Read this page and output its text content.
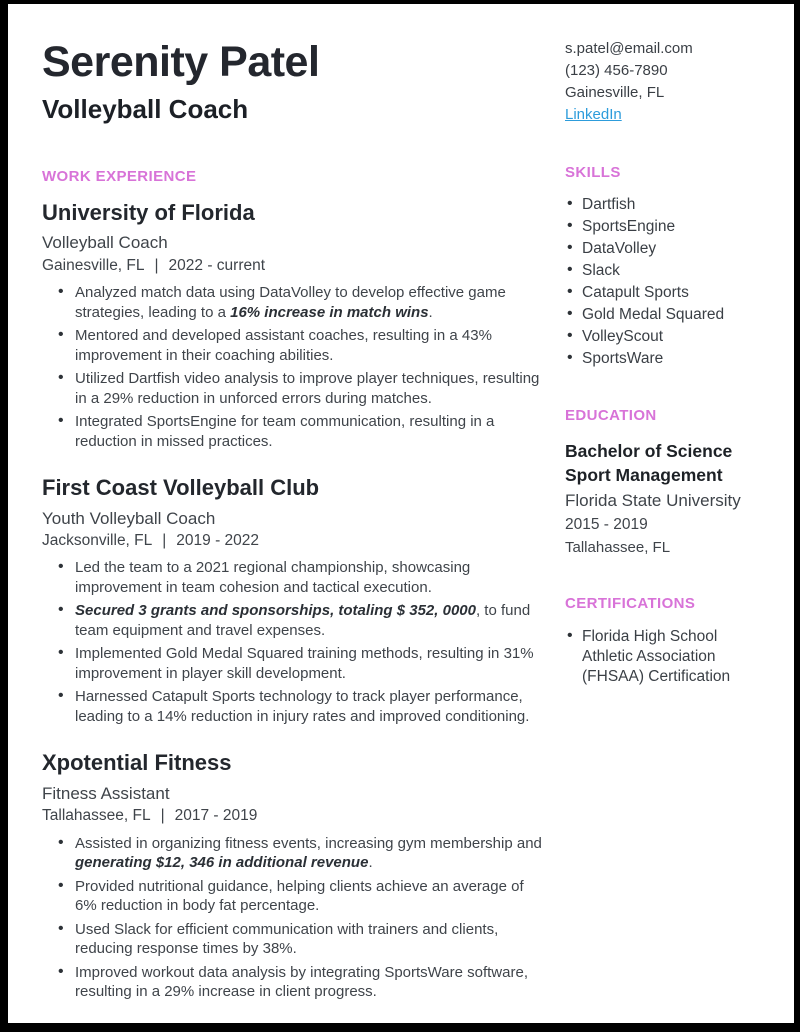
Serenity Patel
Volleyball Coach
WORK EXPERIENCE
University of Florida

Volleyball Coach

Gainesville, FL | 2022 - current

• Analyzed match data using DataVolley to develop effective game strategies, leading to a 16% increase in match wins.
• Mentored and developed assistant coaches, resulting in a 43% improvement in their coaching abilities.
• Utilized Dartfish video analysis to improve player techniques, resulting in a 29% reduction in unforced errors during matches.
• Integrated SportsEngine for team communication, resulting in a reduction in missed practices.
First Coast Volleyball Club

Youth Volleyball Coach

Jacksonville, FL | 2019 - 2022

• Led the team to a 2021 regional championship, showcasing improvement in team cohesion and tactical execution.
• Secured 3 grants and sponsorships, totaling $ 352, 0000, to fund team equipment and travel expenses.
• Implemented Gold Medal Squared training methods, resulting in 31% improvement in player skill development.
• Harnessed Catapult Sports technology to track player performance, leading to a 14% reduction in injury rates and improved conditioning.
Xpotential Fitness

Fitness Assistant

Tallahassee, FL | 2017 - 2019

• Assisted in organizing fitness events, increasing gym membership and generating $12, 346 in additional revenue.
• Provided nutritional guidance, helping clients achieve an average of 6% reduction in body fat percentage.
• Used Slack for efficient communication with trainers and clients, reducing response times by 38%.
• Improved workout data analysis by integrating SportsWare software, resulting in a 29% increase in client progress.
s.patel@email.com
(123) 456-7890
Gainesville, FL
LinkedIn
SKILLS
• Dartfish
• SportsEngine
• DataVolley
• Slack
• Catapult Sports
• Gold Medal Squared
• VolleyScout
• SportsWare
EDUCATION

Bachelor of Science

Sport Management

Florida State University

2015 - 2019

Tallahassee, FL

CERTIFICATIONS
• Florida High School Athletic Association (FHSAA) Certification
